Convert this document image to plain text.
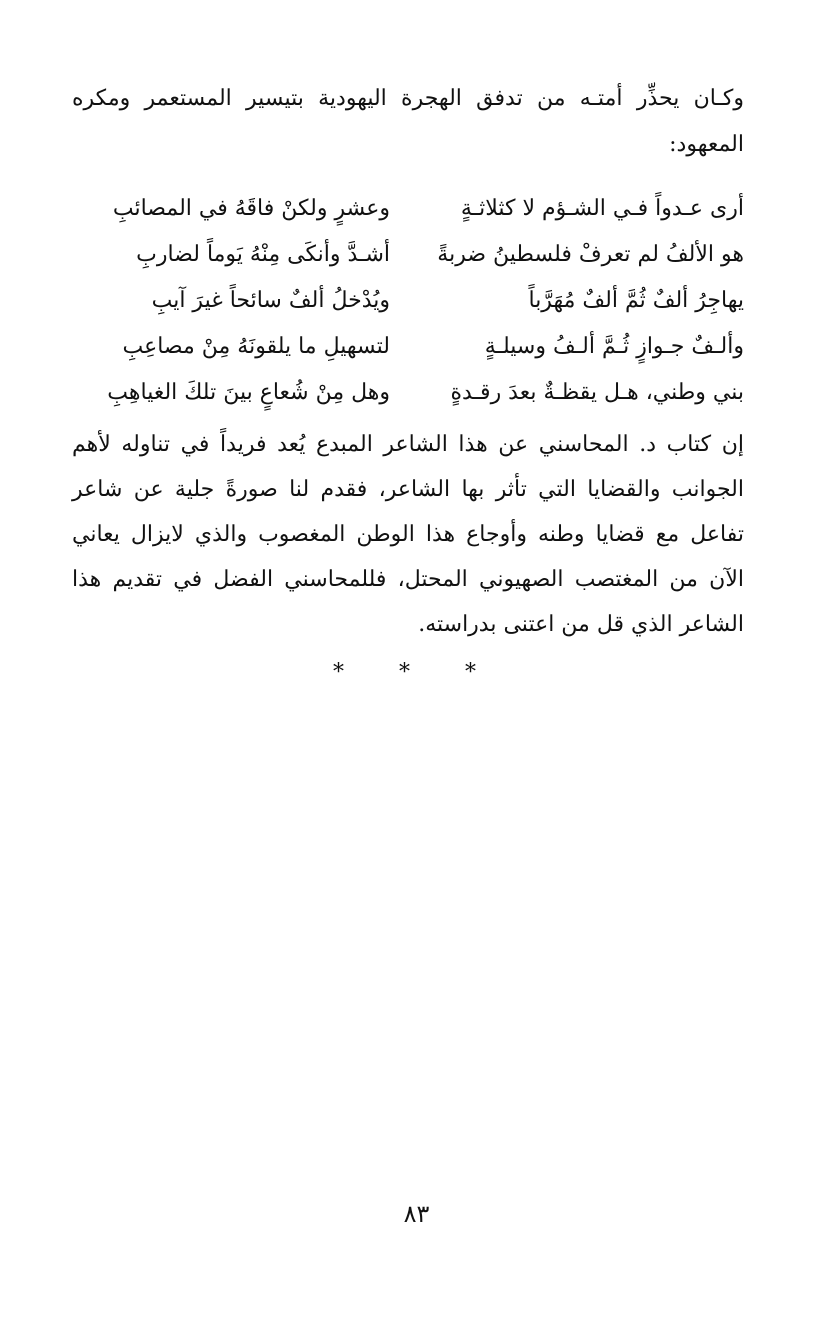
وكـان يحذِّر أمتـه من تدفق الهجرة اليهودية بتيسير المستعمر ومكره المعهود:

أرى عـدواً فـي الشـؤم لا كثلاثـةٍ
وعشرٍ ولكنْ فاقَهُ في المصائبِ
هو الألفُ لم تعرفْ فلسطينُ ضربةً
أشـدَّ وأنكَى مِنْهُ يَوماً لضاربِ
يهاجِرُ ألفٌ ثُمَّ ألفٌ مُهَرَّباً
ويُدْخلُ ألفٌ سائحاً غيرَ آيبِ
وألـفٌ جـوازٍ ثُـمَّ ألـفُ وسيلـةٍ
لتسهيلِ ما يلقونَهُ مِنْ مصاعِبِ
بني وطني، هـل يقظـةٌ بعدَ رقـدةٍ
وهل مِنْ شُعاعٍ بينَ تلكَ الغياهِبِ

إن كتاب د. المحاسني عن هذا الشاعر المبدع يُعد فريداً في تناوله لأهم الجوانب والقضايا التي تأثر بها الشاعر، فقدم لنا صورةً جلية عن شاعر تفاعل مع قضايا وطنه وأوجاع هذا الوطن المغصوب والذي لايزال يعاني الآن من المغتصب الصهيوني المحتل، فللمحاسني الفضل في تقديم هذا الشاعر الذي قل من اعتنى بدراسته.

* * *
٨٣
